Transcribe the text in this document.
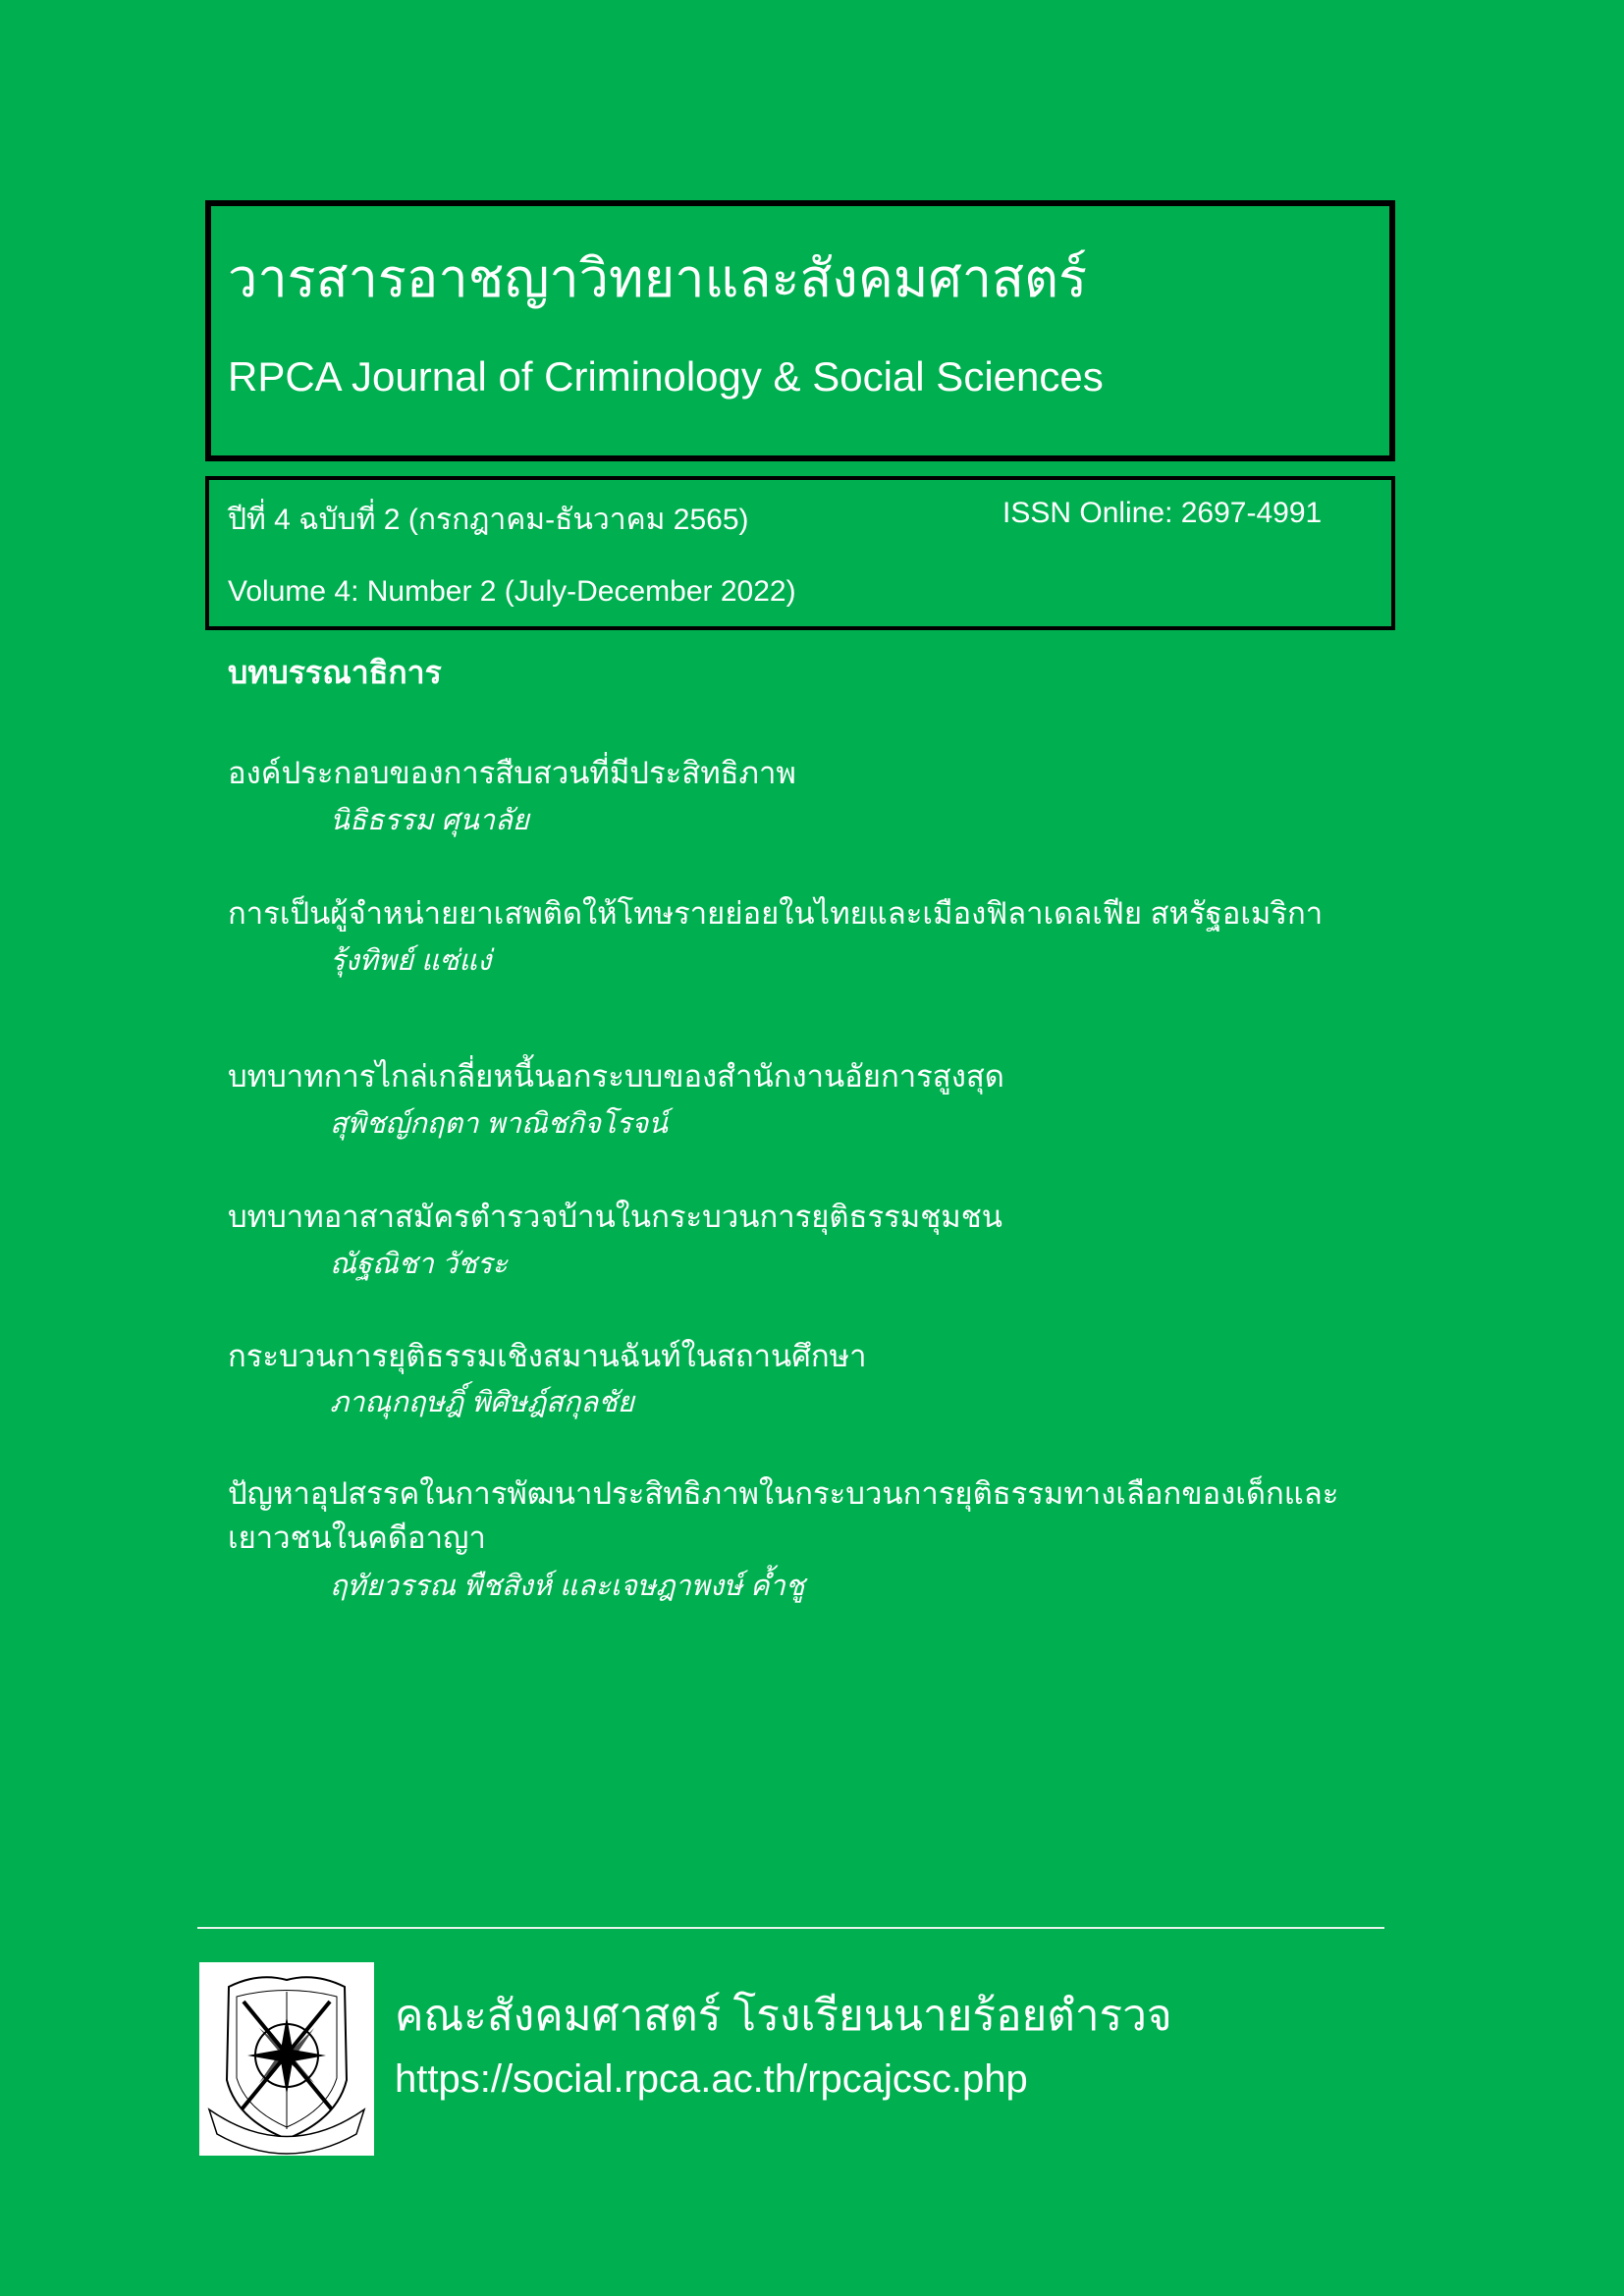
วารสารอาชญาวิทยาและสังคมศาสตร์
RPCA Journal of Criminology & Social Sciences
ปีที่ 4 ฉบับที่ 2 (กรกฎาคม-ธันวาคม 2565)	ISSN Online: 2697-4991
Volume 4: Number 2 (July-December 2022)
บทบรรณาธิการ
องค์ประกอบของการสืบสวนที่มีประสิทธิภาพ
นิธิธรรม ศุนาลัย
การเป็นผู้จำหน่ายยาเสพติดให้โทษรายย่อยในไทยและเมืองฟิลาเดลเฟีย สหรัฐอเมริกา
รุ้งทิพย์ แซ่แง่
บทบาทการไกล่เกลี่ยหนี้นอกระบบของสำนักงานอัยการสูงสุด
สุพิชญ์กฤตา พาณิชกิจโรจน์
บทบาทอาสาสมัครตำรวจบ้านในกระบวนการยุติธรรมชุมชน
ณัฐณิชา วัชระ
กระบวนการยุติธรรมเชิงสมานฉันท์ในสถานศึกษา
ภาณุกฤษฎิ์ พิศิษฎ์สกุลชัย
ปัญหาอุปสรรคในการพัฒนาประสิทธิภาพในกระบวนการยุติธรรมทางเลือกของเด็กและ
เยาวชนในคดีอาญา
ฤทัยวรรณ พืชสิงห์ และเจษฎาพงษ์ ค้ำชู
คณะสังคมศาสตร์ โรงเรียนนายร้อยตำรวจ
https://social.rpca.ac.th/rpcajcsc.php
